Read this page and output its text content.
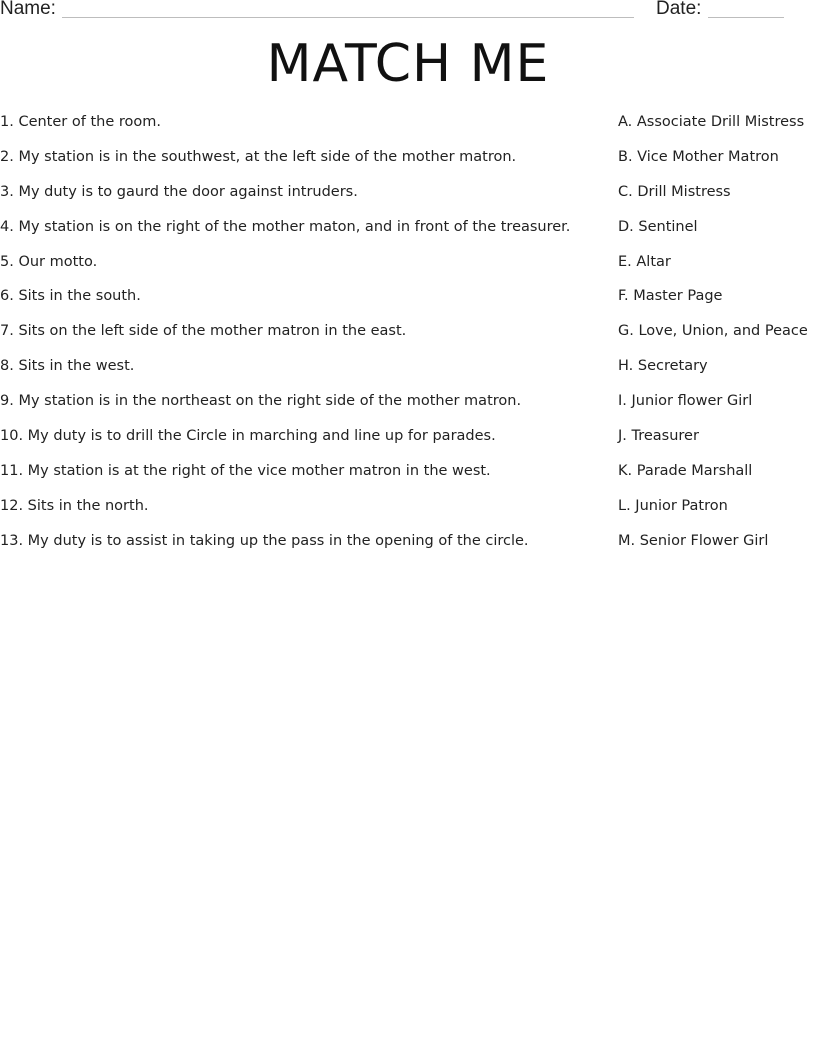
Name:	Date:
MATCH ME
1. Center of the room.
2. My station is in the southwest, at the left side of the mother matron.
3. My duty is to gaurd the door against intruders.
4. My station is on the right of the mother maton, and in front of the treasurer.
5. Our motto.
6. Sits in the south.
7. Sits on the left side of the mother matron in the east.
8. Sits in the west.
9. My station is in the northeast on the right side of the mother matron.
10. My duty is to drill the Circle in marching and line up for parades.
11. My station is at the right of the vice mother matron in the west.
12. Sits in the north.
13. My duty is to assist in taking up the pass in the opening of the circle.
A. Associate Drill Mistress
B. Vice Mother Matron
C. Drill Mistress
D. Sentinel
E. Altar
F. Master Page
G. Love, Union, and Peace
H. Secretary
I. Junior flower Girl
J. Treasurer
K. Parade Marshall
L. Junior Patron
M. Senior Flower Girl
